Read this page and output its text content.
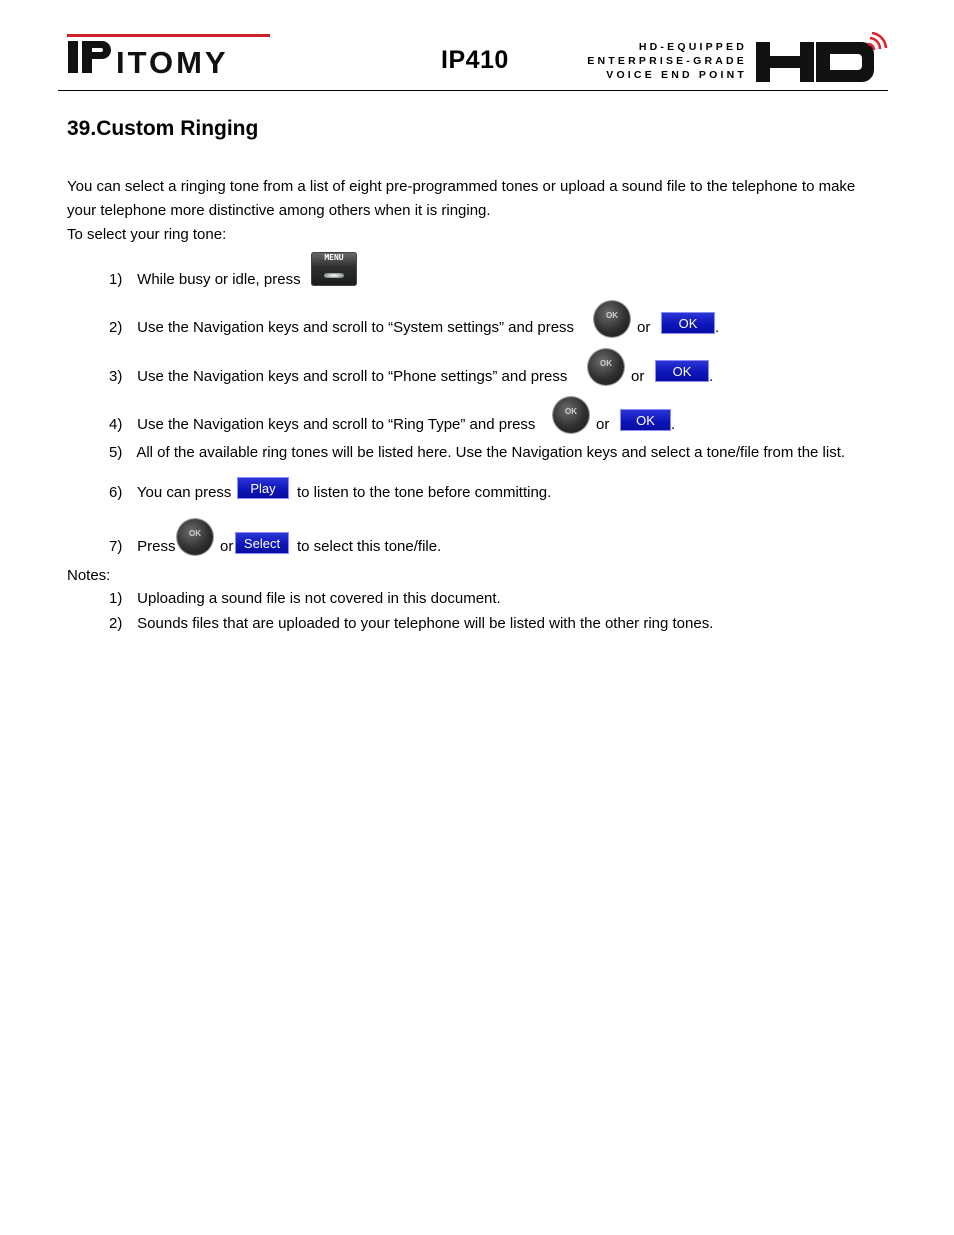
ITOMY	IP410	HD-EQUIPPED
ENTERPRISE-GRADE
VOICE END POINT
39.Custom Ringing
You can select a ringing tone from a list of eight pre-programmed tones or upload a sound file to the telephone to make your telephone more distinctive among others when it is ringing.
To select your ring tone:
1) While busy or idle, press
MENU
2) Use the Navigation keys and scroll to “System settings” and press
OK
or	OK	.
3) Use the Navigation keys and scroll to “Phone settings” and press
OK
or	OK	.
4) Use the Navigation keys and scroll to “Ring Type” and press
OK
or	OK	.
5) All of the available ring tones will be listed here. Use the Navigation keys and select a tone/file from the list.
6) You can press	Play	to listen to the tone before committing.
7) Press
OK
or Select	to select this tone/file.
Notes:
1) Uploading a sound file is not covered in this document.
2) Sounds files that are uploaded to your telephone will be listed with the other ring tones.
